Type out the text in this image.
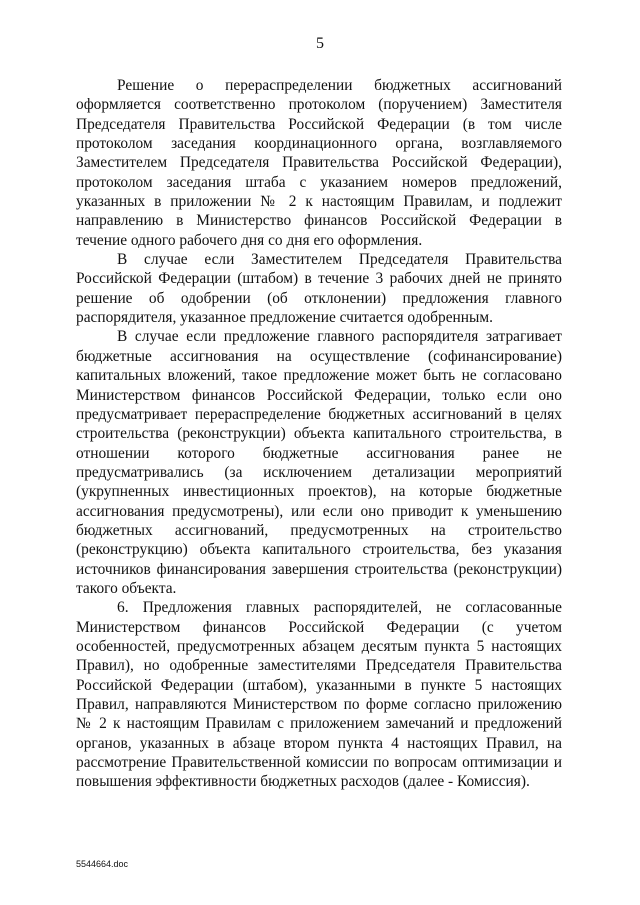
5

Решение о перераспределении бюджетных ассигнований оформляется соответственно протоколом (поручением) Заместителя Председателя Правительства Российской Федерации (в том числе протоколом заседания координационного органа, возглавляемого Заместителем Председателя Правительства Российской Федерации), протоколом заседания штаба с указанием номеров предложений, указанных в приложении № 2 к настоящим Правилам, и подлежит направлению в Министерство финансов Российской Федерации в течение одного рабочего дня со дня его оформления.

В случае если Заместителем Председателя Правительства Российской Федерации (штабом) в течение 3 рабочих дней не принято решение об одобрении (об отклонении) предложения главного распорядителя, указанное предложение считается одобренным.

В случае если предложение главного распорядителя затрагивает бюджетные ассигнования на осуществление (софинансирование) капитальных вложений, такое предложение может быть не согласовано Министерством финансов Российской Федерации, только если оно предусматривает перераспределение бюджетных ассигнований в целях строительства (реконструкции) объекта капитального строительства, в отношении которого бюджетные ассигнования ранее не предусматривались (за исключением детализации мероприятий (укрупненных инвестиционных проектов), на которые бюджетные ассигнования предусмотрены), или если оно приводит к уменьшению бюджетных ассигнований, предусмотренных на строительство (реконструкцию) объекта капитального строительства, без указания источников финансирования завершения строительства (реконструкции) такого объекта.

6. Предложения главных распорядителей, не согласованные Министерством финансов Российской Федерации (с учетом особенностей, предусмотренных абзацем десятым пункта 5 настоящих Правил), но одобренные заместителями Председателя Правительства Российской Федерации (штабом), указанными в пункте 5 настоящих Правил, направляются Министерством по форме согласно приложению № 2 к настоящим Правилам с приложением замечаний и предложений органов, указанных в абзаце втором пункта 4 настоящих Правил, на рассмотрение Правительственной комиссии по вопросам оптимизации и повышения эффективности бюджетных расходов (далее - Комиссия).

5544664.doc
